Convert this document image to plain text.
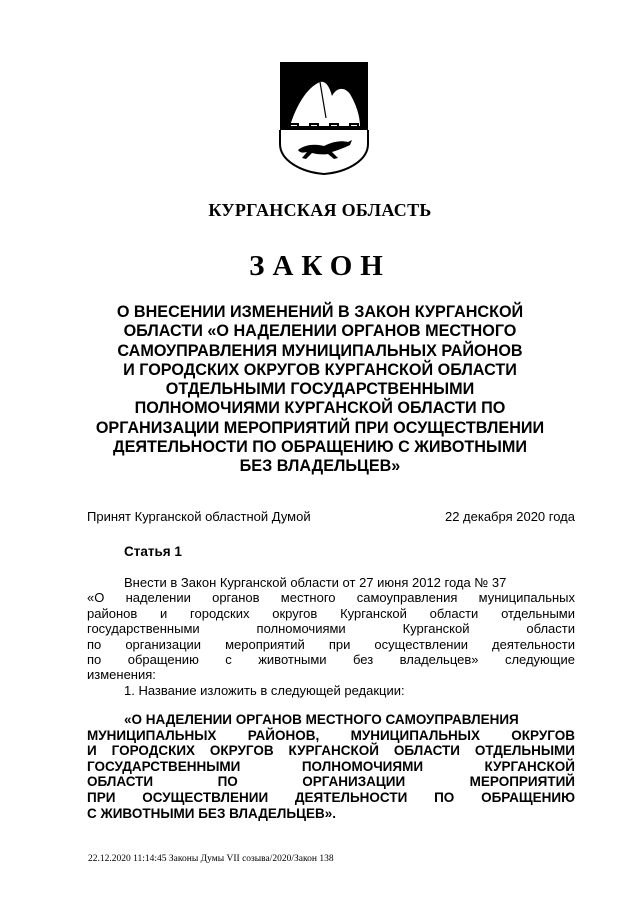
КУРГАНСКАЯ ОБЛАСТЬ
ЗАКОН
О ВНЕСЕНИИ ИЗМЕНЕНИЙ В ЗАКОН КУРГАНСКОЙ
ОБЛАСТИ «О НАДЕЛЕНИИ ОРГАНОВ МЕСТНОГО
САМОУПРАВЛЕНИЯ МУНИЦИПАЛЬНЫХ РАЙОНОВ
И ГОРОДСКИХ ОКРУГОВ КУРГАНСКОЙ ОБЛАСТИ
ОТДЕЛЬНЫМИ ГОСУДАРСТВЕННЫМИ
ПОЛНОМОЧИЯМИ КУРГАНСКОЙ ОБЛАСТИ ПО
ОРГАНИЗАЦИИ МЕРОПРИЯТИЙ ПРИ ОСУЩЕСТВЛЕНИИ
ДЕЯТЕЛЬНОСТИ ПО ОБРАЩЕНИЮ С ЖИВОТНЫМИ
БЕЗ ВЛАДЕЛЬЦЕВ»
Принят Курганской областной Думой	22 декабря 2020 года
Статья 1
Внести в Закон Курганской области от 27 июня 2012 года № 37
«О наделении органов местного самоуправления муниципальных
районов и городских округов Курганской области отдельными
государственными полномочиями Курганской области
по организации мероприятий при осуществлении деятельности
по обращению с животными без владельцев» следующие
изменения:
1. Название изложить в следующей редакции:
«О НАДЕЛЕНИИ ОРГАНОВ МЕСТНОГО САМОУПРАВЛЕНИЯ
МУНИЦИПАЛЬНЫХ РАЙОНОВ, МУНИЦИПАЛЬНЫХ ОКРУГОВ
И ГОРОДСКИХ ОКРУГОВ КУРГАНСКОЙ ОБЛАСТИ ОТДЕЛЬНЫМИ
ГОСУДАРСТВЕННЫМИ ПОЛНОМОЧИЯМИ КУРГАНСКОЙ
ОБЛАСТИ ПО ОРГАНИЗАЦИИ МЕРОПРИЯТИЙ
ПРИ ОСУЩЕСТВЛЕНИИ ДЕЯТЕЛЬНОСТИ ПО ОБРАЩЕНИЮ
С ЖИВОТНЫМИ БЕЗ ВЛАДЕЛЬЦЕВ».
22.12.2020 11:14:45 Законы Думы VII созыва/2020/Закон 138
